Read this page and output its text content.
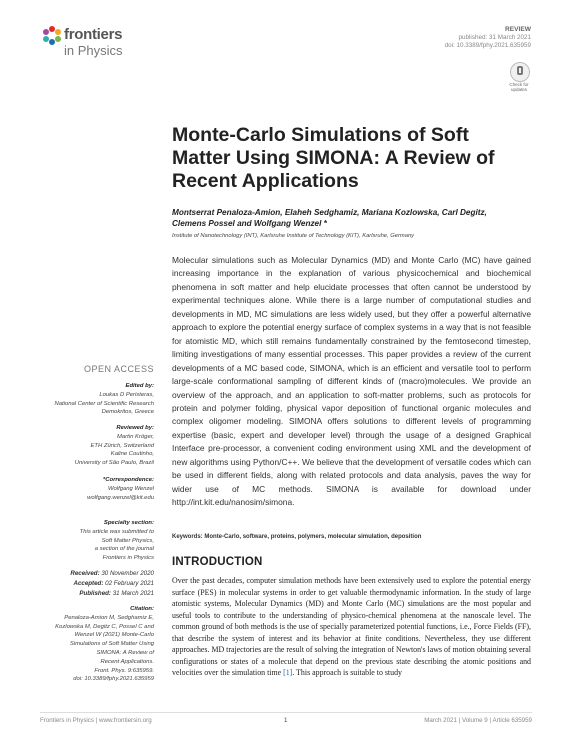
frontiers
in Physics
REVIEW
published: 31 March 2021
doi: 10.3389/fphy.2021.635959
Check for updates
Monte-Carlo Simulations of Soft Matter Using SIMONA: A Review of Recent Applications
Montserrat Penaloza-Amion, Elaheh Sedghamiz, Mariana Kozlowska, Carl Degitz,
Clemens Possel and Wolfgang Wenzel *
Institute of Nanotechnology (INT), Karlsruhe Institute of Technology (KIT), Karlsruhe, Germany
Molecular simulations such as Molecular Dynamics (MD) and Monte Carlo (MC) have gained increasing importance in the explanation of various physicochemical and biochemical phenomena in soft matter and help elucidate processes that often cannot be understood by experimental techniques alone. While there is a large number of computational studies and developments in MD, MC simulations are less widely used, but they offer a powerful alternative approach to explore the potential energy surface of complex systems in a way that is not feasible for atomistic MD, which still remains fundamentally constrained by the femtosecond timestep, limiting investigations of many essential processes. This paper provides a review of the current developments of a MC based code, SIMONA, which is an efficient and versatile tool to perform large-scale conformational sampling of different kinds of (macro)molecules. We provide an overview of the approach, and an application to soft-matter problems, such as protocols for protein and polymer folding, physical vapor deposition of functional organic molecules and complex oligomer modeling. SIMONA offers solutions to different levels of programming expertise (basic, expert and developer level) through the usage of a designed Graphical Interface pre-processor, a convenient coding environment using XML and the development of new algorithms using Python/C++. We believe that the development of versatile codes which can be used in different fields, along with related protocols and data analysis, paves the way for wider use of MC methods. SIMONA is available for download under http://int.kit.edu/nanosim/simona.
Keywords: Monte-Carlo, software, proteins, polymers, molecular simulation, deposition
OPEN ACCESS
Edited by:
Loukas D Peristeras,
National Center of Scientific Research
Demokritos, Greece
Reviewed by:
Martin Kröger,
ETH Zürich, Switzerland
Kaline Coutinho,
University of São Paulo, Brazil
*Correspondence:
Wolfgang Wenzel
wolfgang.wenzel@kit.edu
Specialty section:
This article was submitted to
Soft Matter Physics,
a section of the journal
Frontiers in Physics
Received: 30 November 2020
Accepted: 02 February 2021
Published: 31 March 2021
Citation:
Penaloza-Amion M, Sedghamiz E,
Kozlowska M, Degitz C, Possel C and
Wenzel W (2021) Monte-Carlo
Simulations of Soft Matter Using
SIMONA: A Review of
Recent Applications.
Front. Phys. 9:635959.
doi: 10.3389/fphy.2021.635959
INTRODUCTION
Over the past decades, computer simulation methods have been extensively used to explore the potential energy surface (PES) in molecular systems in order to get valuable thermodynamic information. In the study of large atomistic systems, Molecular Dynamics (MD) and Monte Carlo (MC) simulations are the most popular and useful tools to contribute to the understanding of physico-chemical phenomena at the nanoscale level. The common ground of both methods is the use of specially parameterized potential functions, i.e., Force Fields (FF), that describe the system of interest and its behavior at finite conditions. Nevertheless, they use different approaches. MD trajectories are the result of solving the integration of Newton's laws of motion obtaining several configurations or states of a molecule that depend on the previous state describing the atomic positions and velocities over the simulation time [1]. This approach is suitable to study
Frontiers in Physics | www.frontiersin.org	1	March 2021 | Volume 9 | Article 635959
